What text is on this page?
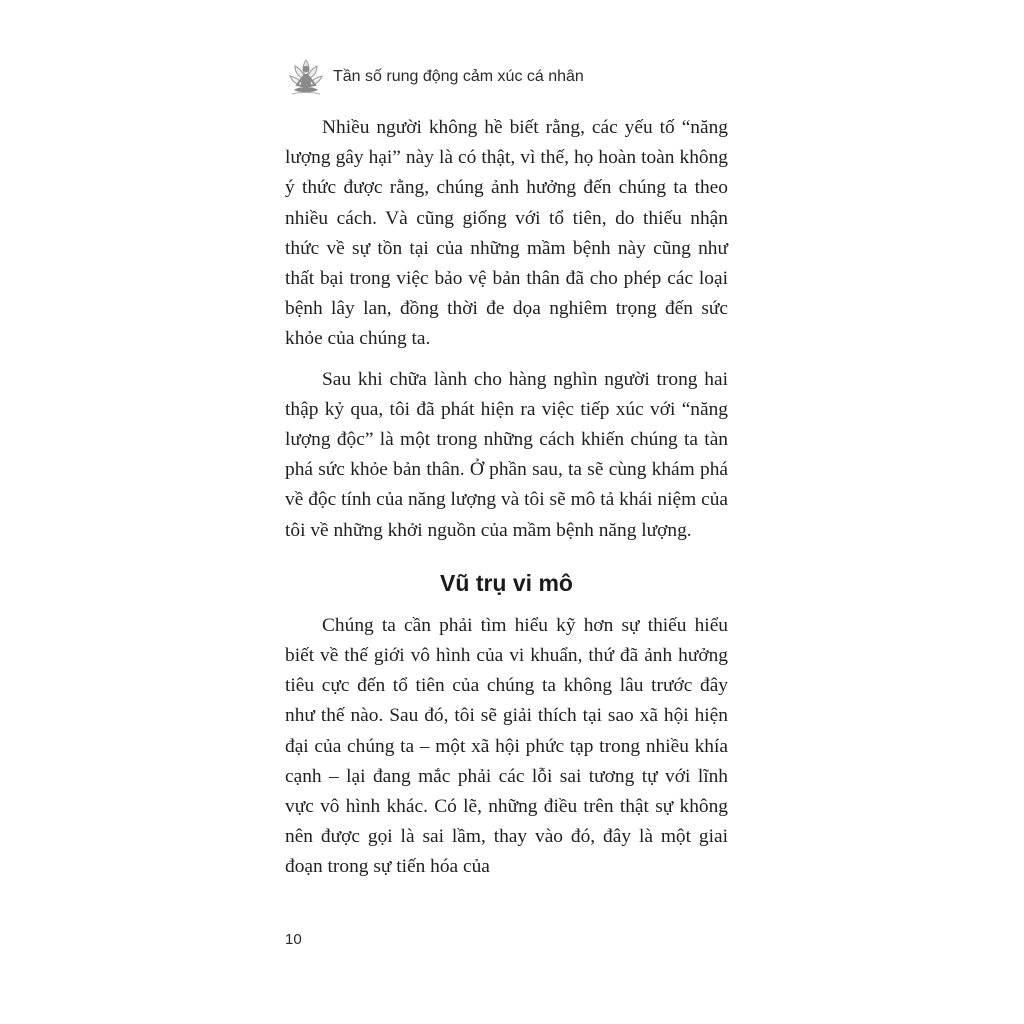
Tần số rung động cảm xúc cá nhân

Nhiều người không hề biết rằng, các yếu tố “năng lượng gây hại” này là có thật, vì thế, họ hoàn toàn không ý thức được rằng, chúng ảnh hưởng đến chúng ta theo nhiều cách. Và cũng giống với tổ tiên, do thiếu nhận thức về sự tồn tại của những mầm bệnh này cũng như thất bại trong việc bảo vệ bản thân đã cho phép các loại bệnh lây lan, đồng thời đe dọa nghiêm trọng đến sức khỏe của chúng ta.

Sau khi chữa lành cho hàng nghìn người trong hai thập kỷ qua, tôi đã phát hiện ra việc tiếp xúc với “năng lượng độc” là một trong những cách khiến chúng ta tàn phá sức khỏe bản thân. Ở phần sau, ta sẽ cùng khám phá về độc tính của năng lượng và tôi sẽ mô tả khái niệm của tôi về những khởi nguồn của mầm bệnh năng lượng.

Vũ trụ vi mô

Chúng ta cần phải tìm hiểu kỹ hơn sự thiếu hiểu biết về thế giới vô hình của vi khuẩn, thứ đã ảnh hưởng tiêu cực đến tổ tiên của chúng ta không lâu trước đây như thế nào. Sau đó, tôi sẽ giải thích tại sao xã hội hiện đại của chúng ta – một xã hội phức tạp trong nhiều khía cạnh – lại đang mắc phải các lỗi sai tương tự với lĩnh vực vô hình khác. Có lẽ, những điều trên thật sự không nên được gọi là sai lầm, thay vào đó, đây là một giai đoạn trong sự tiến hóa của

10
